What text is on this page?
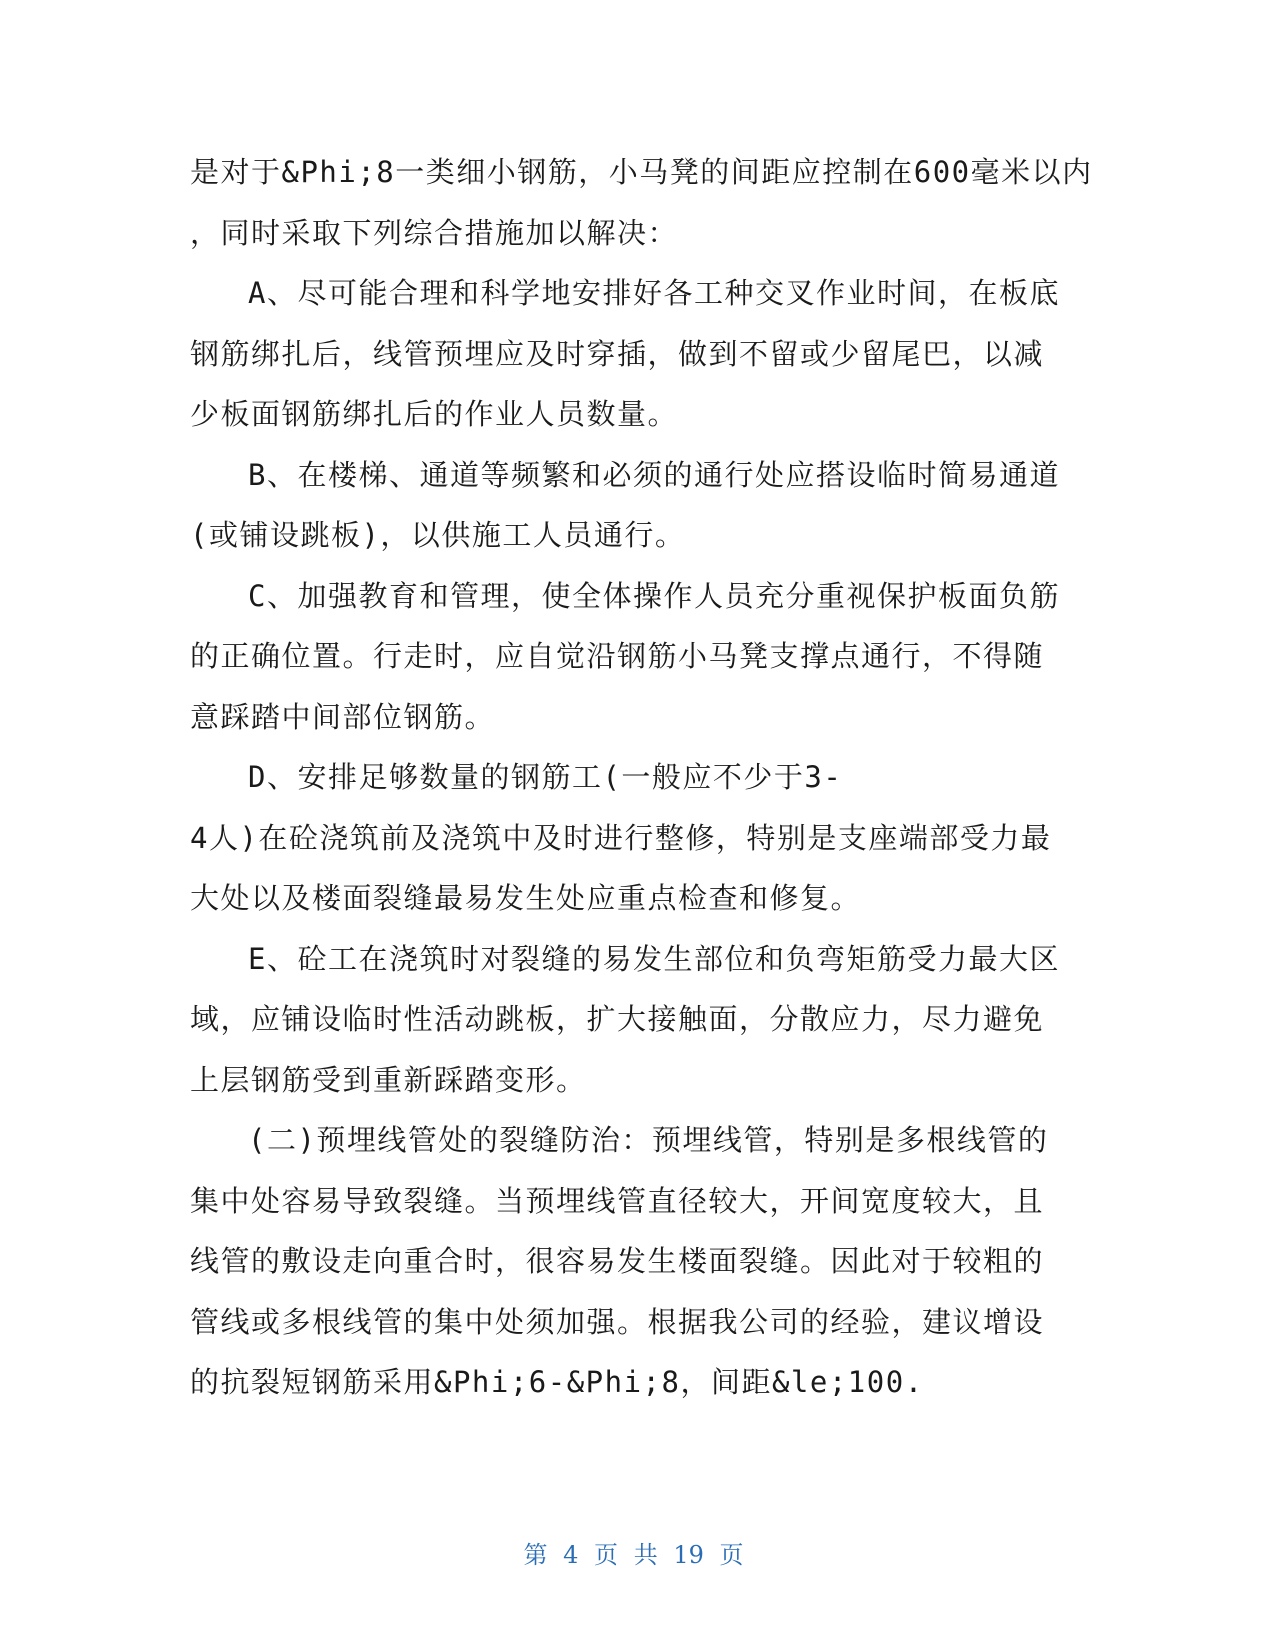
是对于&Phi;8一类细小钢筋，小马凳的间距应控制在600毫米以内
，同时采取下列综合措施加以解决：
A、尽可能合理和科学地安排好各工种交叉作业时间，在板底
钢筋绑扎后，线管预埋应及时穿插，做到不留或少留尾巴，以减
少板面钢筋绑扎后的作业人员数量。
B、在楼梯、通道等频繁和必须的通行处应搭设临时简易通道
(或铺设跳板)，以供施工人员通行。
C、加强教育和管理，使全体操作人员充分重视保护板面负筋
的正确位置。行走时，应自觉沿钢筋小马凳支撑点通行，不得随
意踩踏中间部位钢筋。
D、安排足够数量的钢筋工(一般应不少于3-
4人)在砼浇筑前及浇筑中及时进行整修，特别是支座端部受力最
大处以及楼面裂缝最易发生处应重点检查和修复。
E、砼工在浇筑时对裂缝的易发生部位和负弯矩筋受力最大区
域，应铺设临时性活动跳板，扩大接触面，分散应力，尽力避免
上层钢筋受到重新踩踏变形。
(二)预埋线管处的裂缝防治：预埋线管，特别是多根线管的
集中处容易导致裂缝。当预埋线管直径较大，开间宽度较大，且
线管的敷设走向重合时，很容易发生楼面裂缝。因此对于较粗的
管线或多根线管的集中处须加强。根据我公司的经验，建议增设
的抗裂短钢筋采用&Phi;6-&Phi;8，间距&le;100.
第 4 页 共 19 页
